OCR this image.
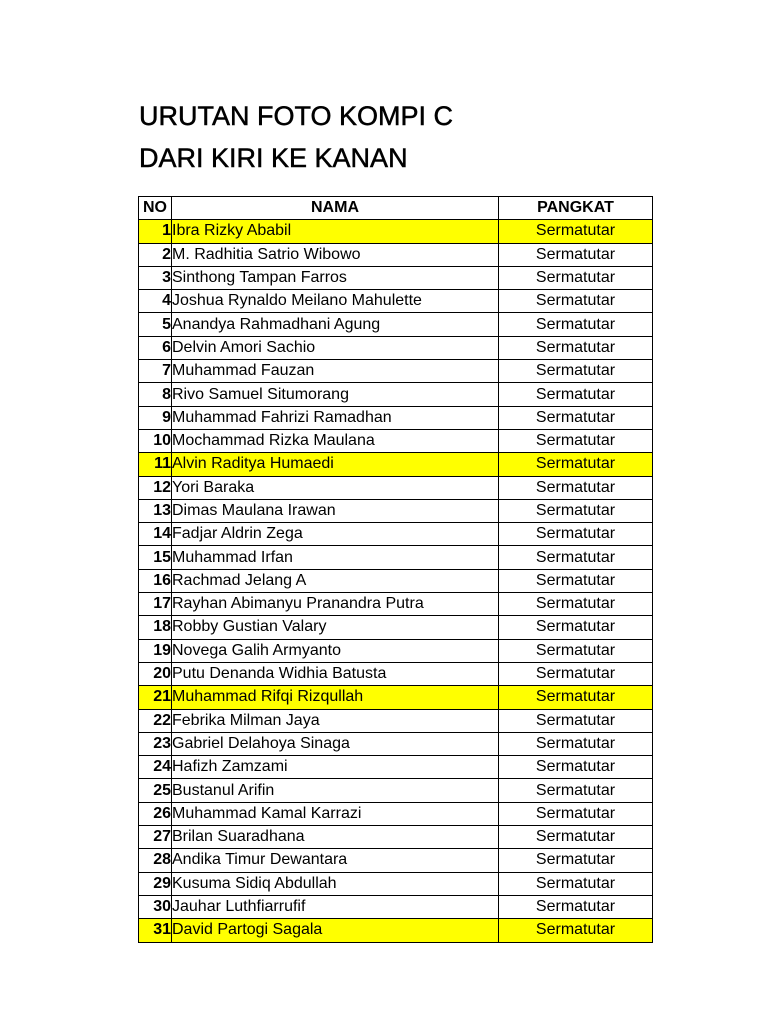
URUTAN FOTO KOMPI C
DARI KIRI KE KANAN
NO	NAMA	PANGKAT
1	Ibra Rizky Ababil	Sermatutar
2	M. Radhitia Satrio Wibowo	Sermatutar
3	Sinthong Tampan Farros	Sermatutar
4	Joshua Rynaldo Meilano Mahulette	Sermatutar
5	Anandya Rahmadhani Agung	Sermatutar
6	Delvin Amori Sachio	Sermatutar
7	Muhammad Fauzan	Sermatutar
8	Rivo Samuel Situmorang	Sermatutar
9	Muhammad Fahrizi Ramadhan	Sermatutar
10	Mochammad Rizka Maulana	Sermatutar
11	Alvin Raditya Humaedi	Sermatutar
12	Yori Baraka	Sermatutar
13	Dimas Maulana Irawan	Sermatutar
14	Fadjar Aldrin Zega	Sermatutar
15	Muhammad Irfan	Sermatutar
16	Rachmad Jelang A	Sermatutar
17	Rayhan Abimanyu Pranandra Putra	Sermatutar
18	Robby Gustian Valary	Sermatutar
19	Novega Galih Armyanto	Sermatutar
20	Putu Denanda Widhia Batusta	Sermatutar
21	Muhammad Rifqi Rizqullah	Sermatutar
22	Febrika Milman Jaya	Sermatutar
23	Gabriel Delahoya Sinaga	Sermatutar
24	Hafizh Zamzami	Sermatutar
25	Bustanul Arifin	Sermatutar
26	Muhammad Kamal Karrazi	Sermatutar
27	Brilan Suaradhana	Sermatutar
28	Andika Timur Dewantara	Sermatutar
29	Kusuma Sidiq Abdullah	Sermatutar
30	Jauhar Luthfiarrufif	Sermatutar
31	David Partogi Sagala	Sermatutar
